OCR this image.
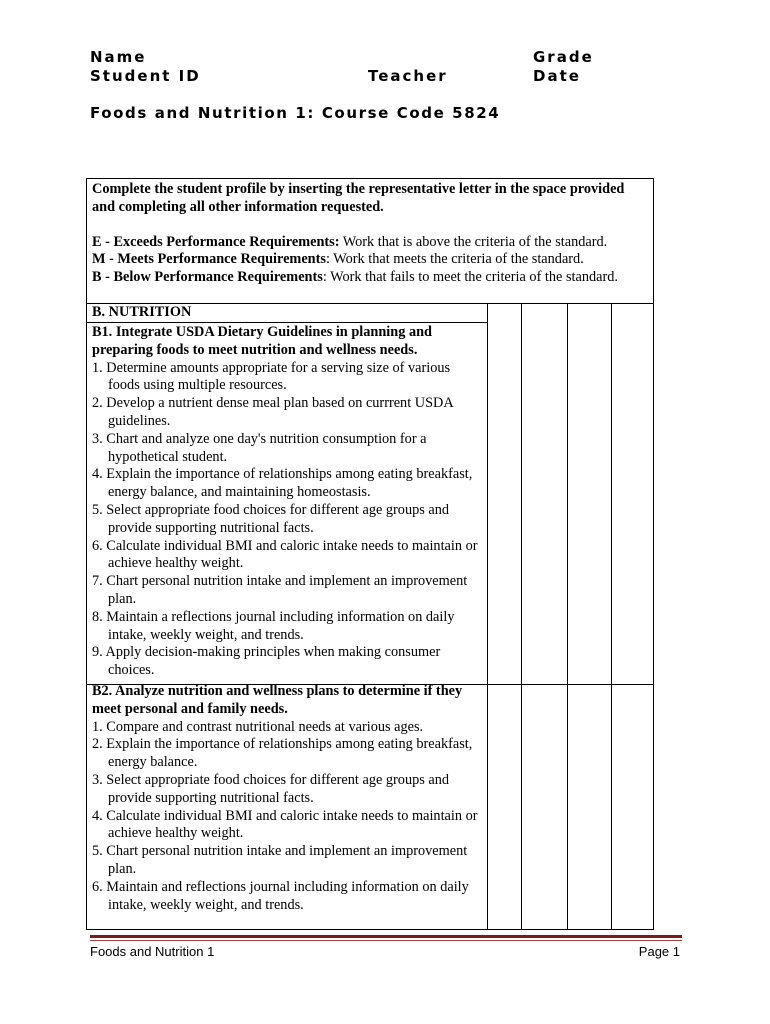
Name
Student ID	Teacher
Grade
Date
Foods and Nutrition 1: Course Code 5824

Complete the student profile by inserting the representative letter in the space provided and completing all other information requested.

E - Exceeds Performance Requirements: Work that is above the criteria of the standard.

M - Meets Performance Requirements: Work that meets the criteria of the standard.

B - Below Performance Requirements: Work that fails to meet the criteria of the standard.

B. NUTRITION
B1. Integrate USDA Dietary Guidelines in planning and preparing foods to meet nutrition and wellness needs.
1. Determine amounts appropriate for a serving size of various foods using multiple resources.
2. Develop a nutrient dense meal plan based on currrent USDA guidelines.
3. Chart and analyze one day's nutrition consumption for a hypothetical student.
4. Explain the importance of relationships among eating breakfast, energy balance, and maintaining homeostasis.
5. Select appropriate food choices for different age groups and provide supporting nutritional facts.
6. Calculate individual BMI and caloric intake needs to maintain or achieve healthy weight.
7. Chart personal nutrition intake and implement an improvement plan.
8. Maintain a reflections journal including information on daily intake, weekly weight, and trends.
9. Apply decision-making principles when making consumer choices.
B2. Analyze nutrition and wellness plans to determine if they meet personal and family needs.
1. Compare and contrast nutritional needs at various ages.
2. Explain the importance of relationships among eating breakfast, energy balance.
3. Select appropriate food choices for different age groups and provide supporting nutritional facts.
4. Calculate individual BMI and caloric intake needs to maintain or achieve healthy weight.
5. Chart personal nutrition intake and implement an improvement plan.
6. Maintain and reflections journal including information on daily intake, weekly weight, and trends.
Foods and Nutrition 1	Page 1
